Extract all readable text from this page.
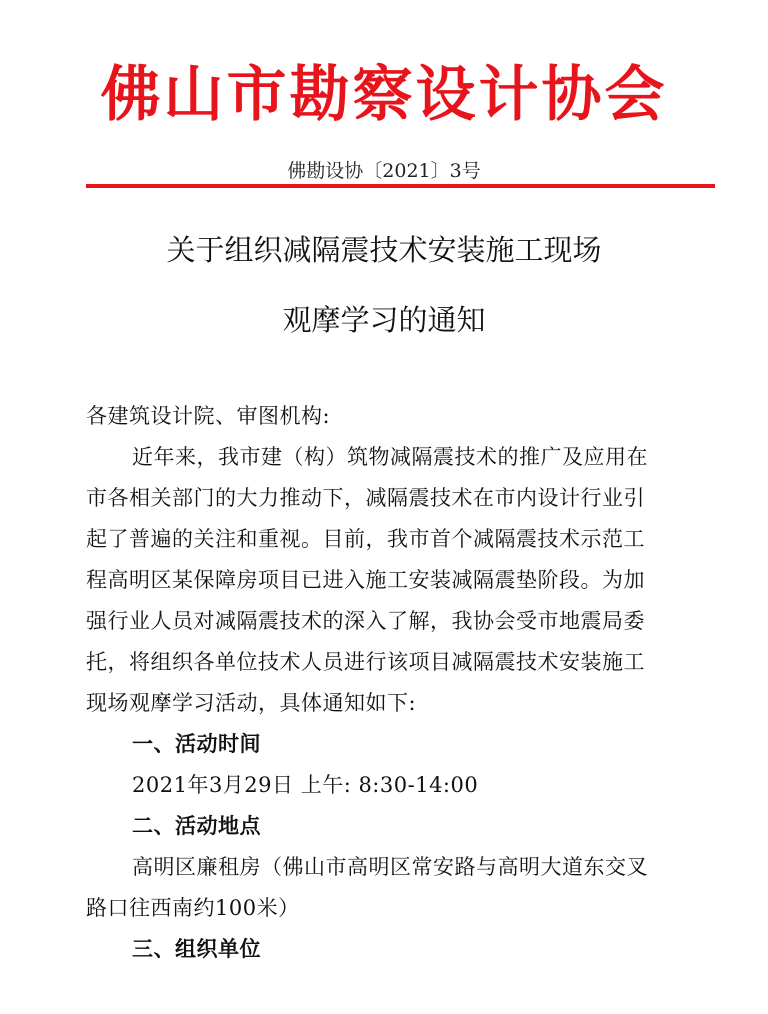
佛山市勘察设计协会
佛勘设协〔2021〕3号
关于组织减隔震技术安装施工现场
观摩学习的通知
各建筑设计院、审图机构:
近年来，我市建（构）筑物减隔震技术的推广及应用在
市各相关部门的大力推动下，减隔震技术在市内设计行业引
起了普遍的关注和重视。目前，我市首个减隔震技术示范工
程高明区某保障房项目已进入施工安装减隔震垫阶段。为加
强行业人员对减隔震技术的深入了解，我协会受市地震局委
托，将组织各单位技术人员进行该项目减隔震技术安装施工
现场观摩学习活动，具体通知如下:
一、活动时间
2021年3月29日 上午: 8:30-14:00
二、活动地点
高明区廉租房（佛山市高明区常安路与高明大道东交叉
路口往西南约100米）
三、组织单位
